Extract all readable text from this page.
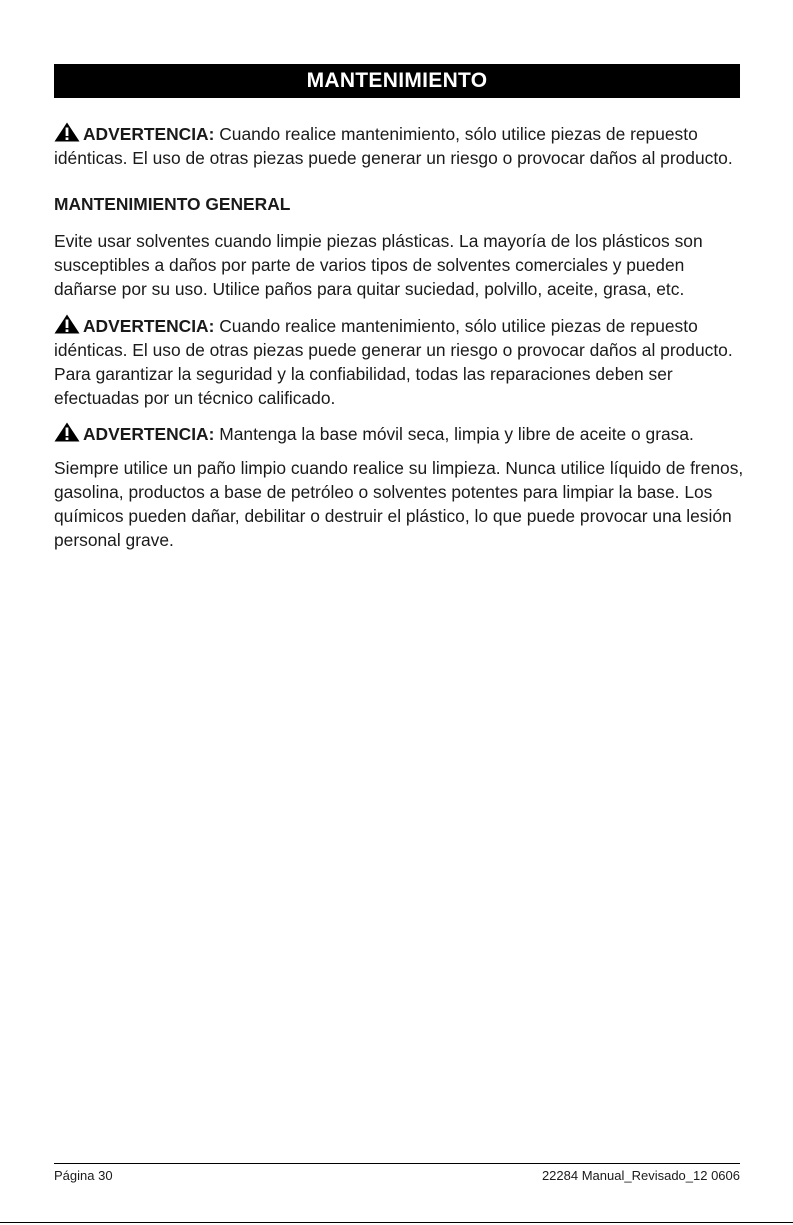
MANTENIMIENTO

ADVERTENCIA: Cuando realice mantenimiento, sólo utilice piezas de repuesto idénticas. El uso de otras piezas puede generar un riesgo o provocar daños al producto.

MANTENIMIENTO GENERAL

Evite usar solventes cuando limpie piezas plásticas. La mayoría de los plásticos son susceptibles a daños por parte de varios tipos de solventes comerciales y pueden dañarse por su uso. Utilice paños para quitar suciedad, polvillo, aceite, grasa, etc.

ADVERTENCIA: Cuando realice mantenimiento, sólo utilice piezas de repuesto idénticas. El uso de otras piezas puede generar un riesgo o provocar daños al producto. Para garantizar la seguridad y la confiabilidad, todas las reparaciones deben ser efectuadas por un técnico calificado.

ADVERTENCIA: Mantenga la base móvil seca, limpia y libre de aceite o grasa.

Siempre utilice un paño limpio cuando realice su limpieza. Nunca utilice líquido de frenos, gasolina, productos a base de petróleo o solventes potentes para limpiar la base. Los químicos pueden dañar, debilitar o destruir el plástico, lo que puede provocar una lesión personal grave.

Página 30	22284 Manual_Revisado_12 0606
